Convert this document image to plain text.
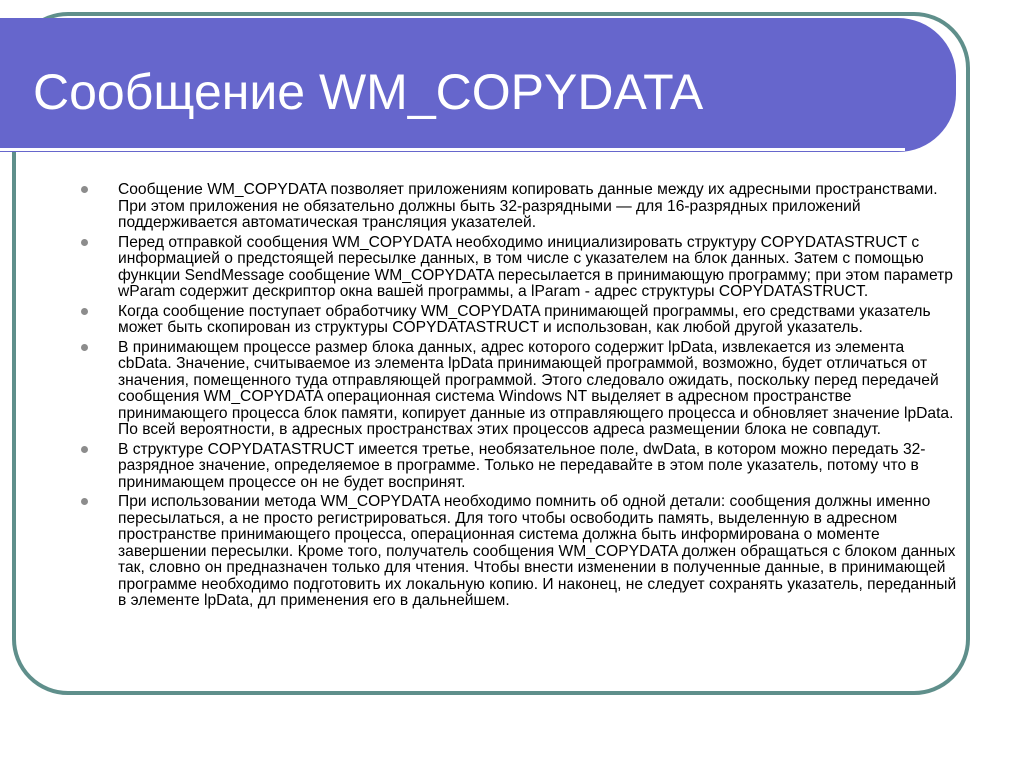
Сообщение WM_COPYDATA
Сообщение WM_COPYDATA позволяет приложениям копировать данные между их адресными пространствами. При этом приложения не обязательно должны быть 32-разрядными — для 16-разрядных приложений поддерживается автоматическая трансляция указателей.
Перед отправкой сообщения WM_COPYDATA необходимо инициализировать структуру COPYDATASTRUCT с информацией о предстоящей пересылке данных, в том числе с указателем на блок данных. Затем с помощью функции SendMessage сообщение WM_COPYDATA пересылается в принимающую программу; при этом параметр wParam содержит дескриптор окна вашей программы, a lParam - адрес структуры COPYDATASTRUCT.
Когда сообщение поступает обработчику WM_COPYDATA принимающей программы, его средствами указатель может быть скопирован из структуры COPYDATASTRUCT и использован, как любой другой указатель.
В принимающем процессе размер блока данных, адрес которого содержит lpData, извлекается из элемента cbData. Значение, считываемое из элемента lpData принимающей программой, возможно, будет отличаться от значения, помещенного туда отправляющей программой. Этого следовало ожидать, поскольку перед передачей сообщения WM_COPYDATA операционная система Windows NT выделяет в адресном пространстве принимающего процесса блок памяти, копирует данные из отправляющего процесса и обновляет значение lpData. По всей вероятности, в адресных пространствах этих процессов адреса размещении блока не совпадут.
В структуре COPYDATASTRUCT имеется третье, необязательное поле, dwData, в котором можно передать 32-разрядное значение, определяемое в программе. Только не передавайте в этом поле указатель, потому что в принимающем процессе он не будет воспринят.
При использовании метода WM_COPYDATA необходимо помнить об одной детали: сообщения должны именно пересылаться, а не просто регистрироваться. Для того чтобы освободить память, выделенную в адресном пространстве принимающего процесса, операционная система должна быть информирована о моменте завершении пересылки. Кроме того, получатель сообщения WM_COPYDATA должен обращаться с блоком данных так, словно он предназначен только для чтения. Чтобы внести изменении в полученные данные, в принимающей программе необходимо подготовить их локальную копию. И наконец, не следует сохранять указатель, переданный в элементе lpData, дл применения его в дальнейшем.
